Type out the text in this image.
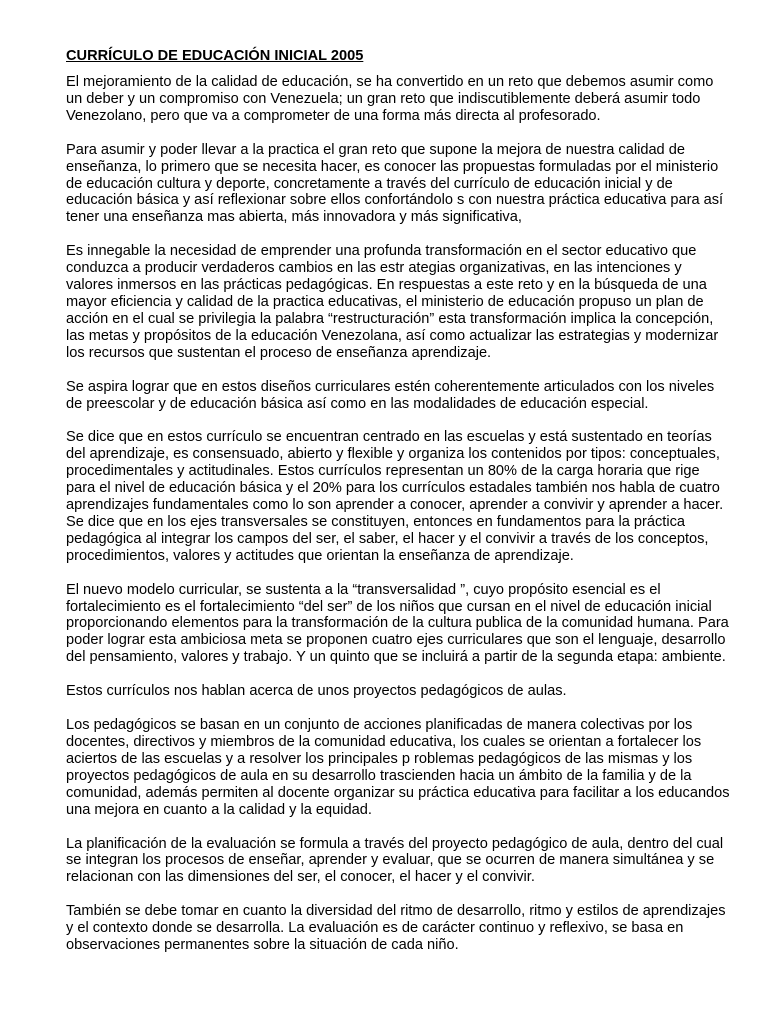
CURRÍCULO DE EDUCACIÓN INICIAL 2005

El mejoramiento de la calidad de educación, se ha convertido en un reto que debemos asumir como un deber y un compromiso con Venezuela; un gran reto que indiscutiblemente deberá asumir todo Venezolano, pero que va a comprometer de una forma más directa al profesorado.

Para asumir y poder llevar a la practica el gran reto que supone la mejora de nuestra calidad de enseñanza, lo primero que se necesita hacer, es conocer las propuestas formuladas por el ministerio de educación cultura y deporte, concretamente a través del currículo de educación inicial y de educación básica y así reflexionar sobre ellos confortándolo s con nuestra práctica educativa para así tener una enseñanza mas abierta, más innovadora y más significativa,

Es innegable la necesidad de emprender una profunda transformación en el sector educativo que conduzca a producir verdaderos cambios en las estr ategias organizativas, en las intenciones y valores inmersos en las prácticas pedagógicas. En respuestas a este reto y en la búsqueda de una mayor eficiencia y calidad de la practica educativas, el ministerio de educación propuso un plan de acción en el cual se privilegia la palabra “restructuración” esta transformación implica la concepción, las metas y propósitos de la educación Venezolana, así como actualizar las estrategias y modernizar los recursos que sustentan el proceso de enseñanza aprendizaje.

Se aspira lograr que en estos diseños curriculares estén coherentemente articulados con los niveles de preescolar y de educación básica así como en las modalidades de educación especial.

Se dice que en estos currículo se encuentran centrado en las escuelas y está sustentado en teorías del aprendizaje, es consensuado, abierto y flexible y organiza los contenidos por tipos: conceptuales, procedimentales y actitudinales. Estos currículos representan un 80% de la carga horaria que rige para el nivel de educación básica y el 20% para los currículos estadales también nos habla de cuatro aprendizajes fundamentales como lo son aprender a conocer, aprender a convivir y aprender a hacer. Se dice que en los ejes transversales se constituyen, entonces en fundamentos para la práctica pedagógica al integrar los campos del ser, el saber, el hacer y el convivir a través de los conceptos, procedimientos, valores y actitudes que orientan la enseñanza de aprendizaje.

El nuevo modelo curricular, se sustenta a la “transversalidad ”, cuyo propósito esencial es el fortalecimiento es el fortalecimiento “del ser” de los niños que cursan en el nivel de educación inicial proporcionando elementos para la transformación de la cultura publica de la comunidad humana. Para poder lograr esta ambiciosa meta se proponen cuatro ejes curriculares que son el lenguaje, desarrollo del pensamiento, valores y trabajo. Y un quinto que se incluirá a partir de la segunda etapa: ambiente.

Estos currículos nos hablan acerca de unos proyectos pedagógicos de aulas.

Los pedagógicos se basan en un conjunto de acciones planificadas de manera colectivas por los docentes, directivos y miembros de la comunidad educativa, los cuales se orientan a fortalecer los aciertos de las escuelas y a resolver los principales p roblemas pedagógicos de las mismas y los proyectos pedagógicos de aula en su desarrollo trascienden hacia un ámbito de la familia y de la comunidad, además permiten al docente organizar su práctica educativa para facilitar a los educandos una mejora en cuanto a la calidad y la equidad.

La planificación de la evaluación se formula a través del proyecto pedagógico de aula, dentro del cual se integran los procesos de enseñar, aprender y evaluar, que se ocurren de manera simultánea y se relacionan con las dimensiones del ser, el conocer, el hacer y el convivir.

También se debe tomar en cuanto la diversidad del ritmo de desarrollo, ritmo y estilos de aprendizajes y el contexto donde se desarrolla. La evaluación es de carácter continuo y reflexivo, se basa en observaciones permanentes sobre la situación de cada niño.
